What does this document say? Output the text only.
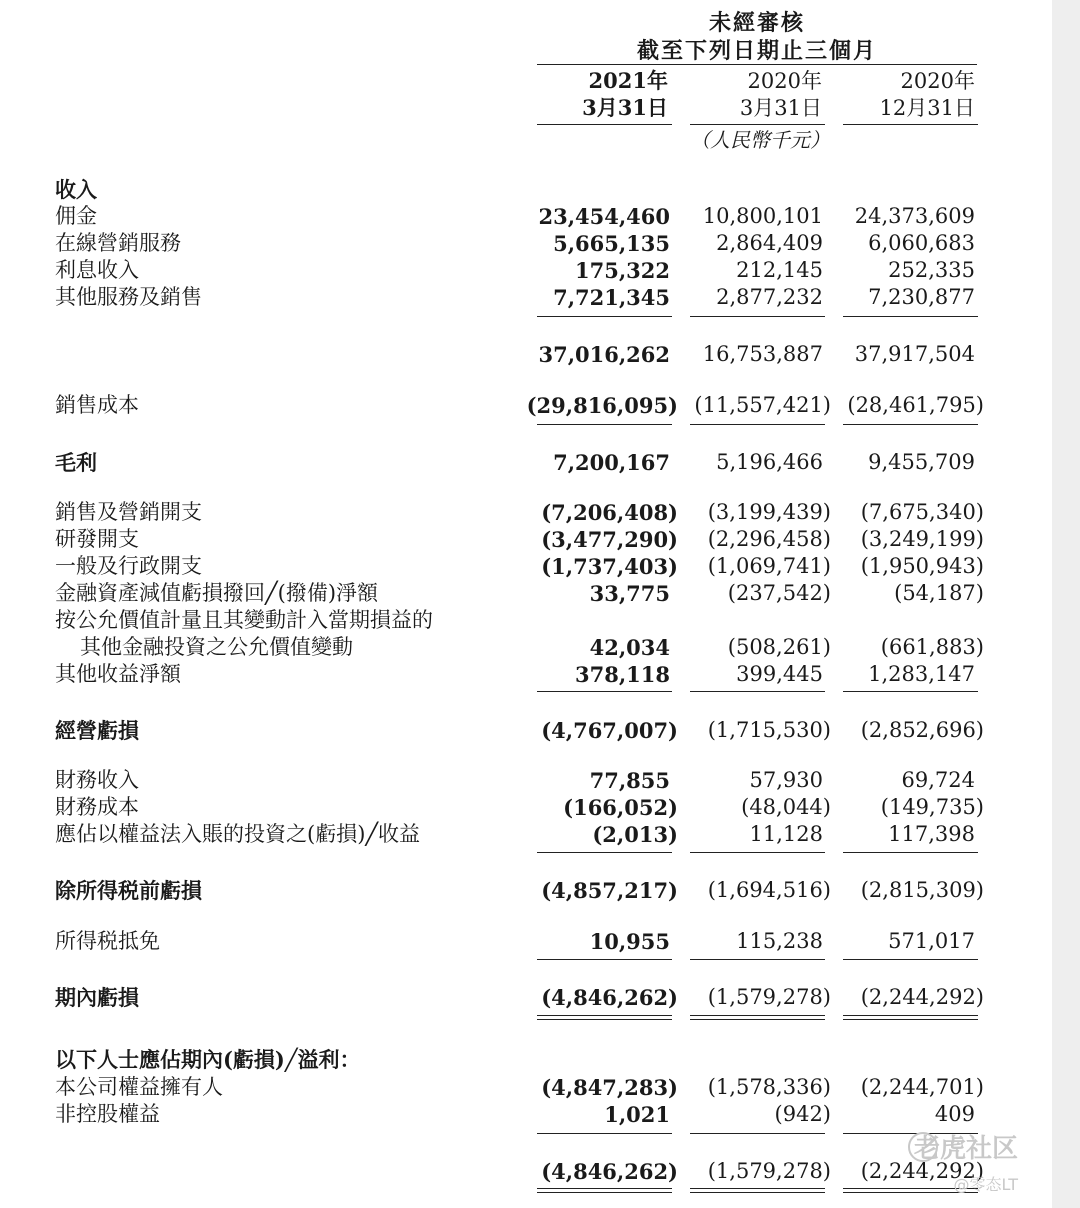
未經審核
截至下列日期止三個月
2021年
3月31日
2020年
3月31日
2020年
12月31日
（人民幣千元）
收入
佣金	23,454,460	10,800,101	24,373,609
在線營銷服務	5,665,135	2,864,409	6,060,683
利息收入	175,322	212,145	252,335
其他服務及銷售	7,721,345	2,877,232	7,230,877
37,016,262	16,753,887	37,917,504
銷售成本	(29,816,095) (11,557,421) (28,461,795)
毛利	7,200,167	5,196,466	9,455,709
銷售及營銷開支	(7,206,408)	(3,199,439)	(7,675,340)
研發開支	(3,477,290)	(2,296,458)	(3,249,199)
一般及行政開支	(1,737,403)	(1,069,741)	(1,950,943)
金融資產減值虧損撥回╱(撥備)淨額	33,775	(237,542)	(54,187)
按公允價值計量且其變動計入當期損益的
其他金融投資之公允價值變動	42,034	(508,261)	(661,883)
其他收益淨額	378,118	399,445	1,283,147
經營虧損	(4,767,007)	(1,715,530)	(2,852,696)
財務收入	77,855	57,930	69,724
財務成本	(166,052)	(48,044)	(149,735)
應佔以權益法入賬的投資之(虧損)╱收益	(2,013)	11,128	117,398
除所得税前虧損	(4,857,217)	(1,694,516)	(2,815,309)
所得税抵免	10,955	115,238	571,017
期內虧損	(4,846,262)	(1,579,278)	(2,244,292)
以下人士應佔期內(虧損)╱溢利：
本公司權益擁有人	(4,847,283)	(1,578,336)	(2,244,701)
非控股權益	1,021	(942)	409
(4,846,262)	(1,579,278)	(2,244,292)
老虎社区
@零态LT
